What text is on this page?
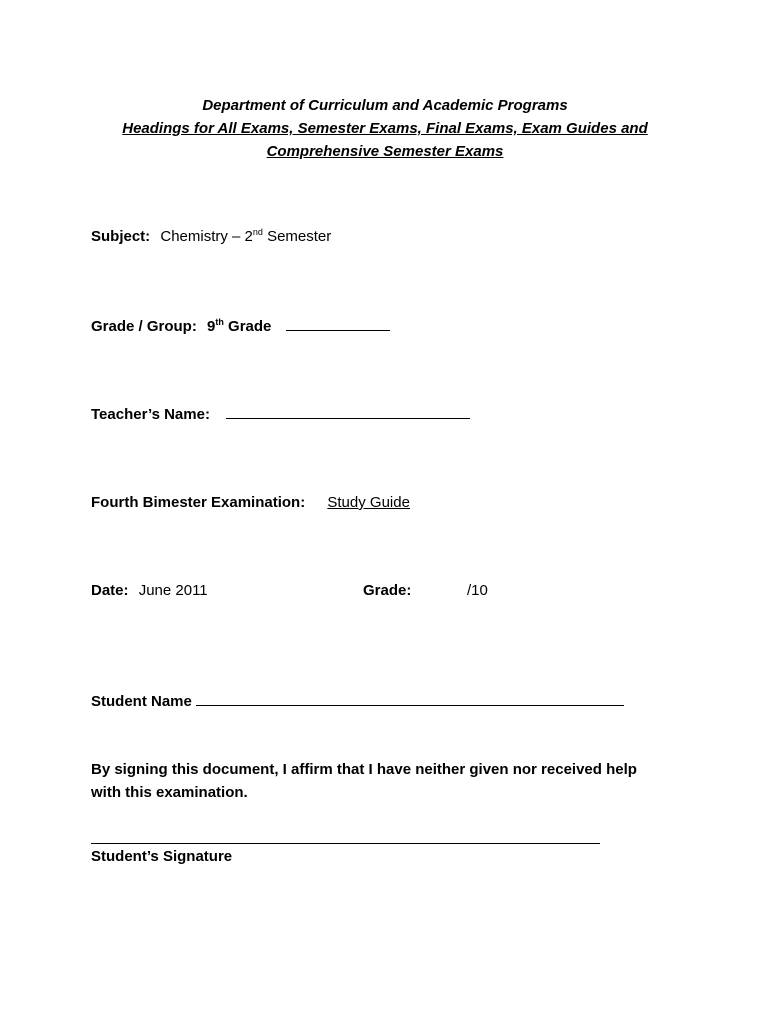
Department of Curriculum and Academic Programs
Headings for All Exams, Semester Exams, Final Exams, Exam Guides and
Comprehensive Semester Exams
Subject: Chemistry – 2nd Semester
Grade / Group: 9th Grade
Teacher’s Name:
Fourth Bimester Examination: Study Guide
Date: June 2011	Grade:	/10
Student Name
By signing this document, I affirm that I have neither given nor received help with this examination.
Student’s Signature
